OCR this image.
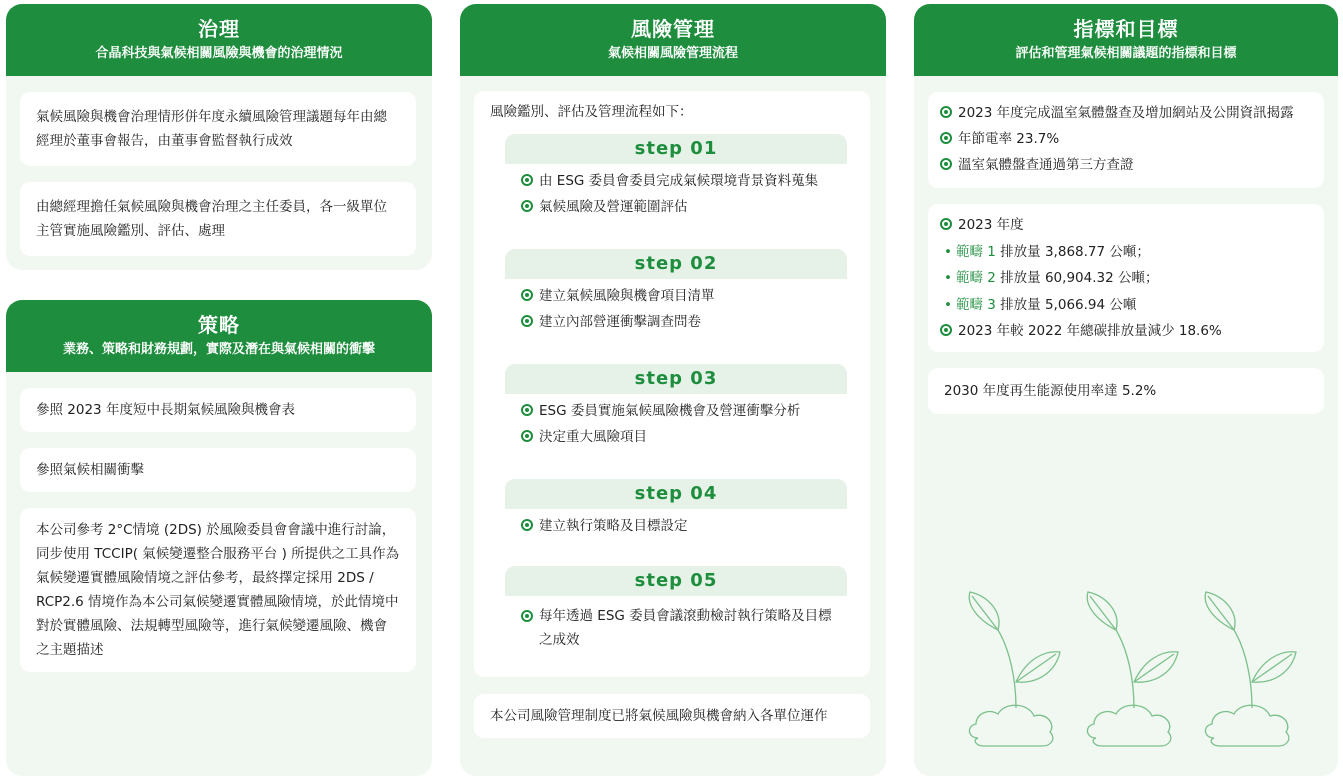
治理
合晶科技與氣候相關風險與機會的治理情況
氣候風險與機會治理情形併年度永續風險管理議題每年由總經理於董事會報告，由董事會監督執行成效
由總經理擔任氣候風險與機會治理之主任委員，各一級單位主管實施風險鑑別、評估、處理
策略
業務、策略和財務規劃，實際及潛在與氣候相關的衝擊
參照 2023 年度短中長期氣候風險與機會表
參照氣候相關衝擊
本公司參考 2°C情境 (2DS) 於風險委員會會議中進行討論，同步使用 TCCIP( 氣候變遷整合服務平台 ) 所提供之工具作為氣候變遷實體風險情境之評估參考，最終擇定採用 2DS / RCP2.6 情境作為本公司氣候變遷實體風險情境，於此情境中對於實體風險、法規轉型風險等，進行氣候變遷風險、機會之主題描述
風險管理
氣候相關風險管理流程
風險鑑別、評估及管理流程如下：
本公司風險管理制度已將氣候風險與機會納入各單位運作
step 01
由 ESG 委員會委員完成氣候環境背景資料蒐集
氣候風險及營運範圍評估
step 02
建立氣候風險與機會項目清單
建立內部營運衝擊調查問卷
step 03
ESG 委員實施氣候風險機會及營運衝擊分析
決定重大風險項目
step 04
建立執行策略及目標設定
step 05
每年透過 ESG 委員會議滾動檢討執行策略及目標之成效
指標和目標
評估和管理氣候相關議題的指標和目標
2023 年度完成溫室氣體盤查及增加網站及公開資訊揭露
年節電率 23.7%
溫室氣體盤查通過第三方查證
2023 年度
• 範疇 1 排放量 3,868.77 公噸；
• 範疇 2 排放量 60,904.32 公噸；
• 範疇 3 排放量 5,066.94 公噸
2023 年較 2022 年總碳排放量減少 18.6%
2030 年度再生能源使用率達 5.2%
